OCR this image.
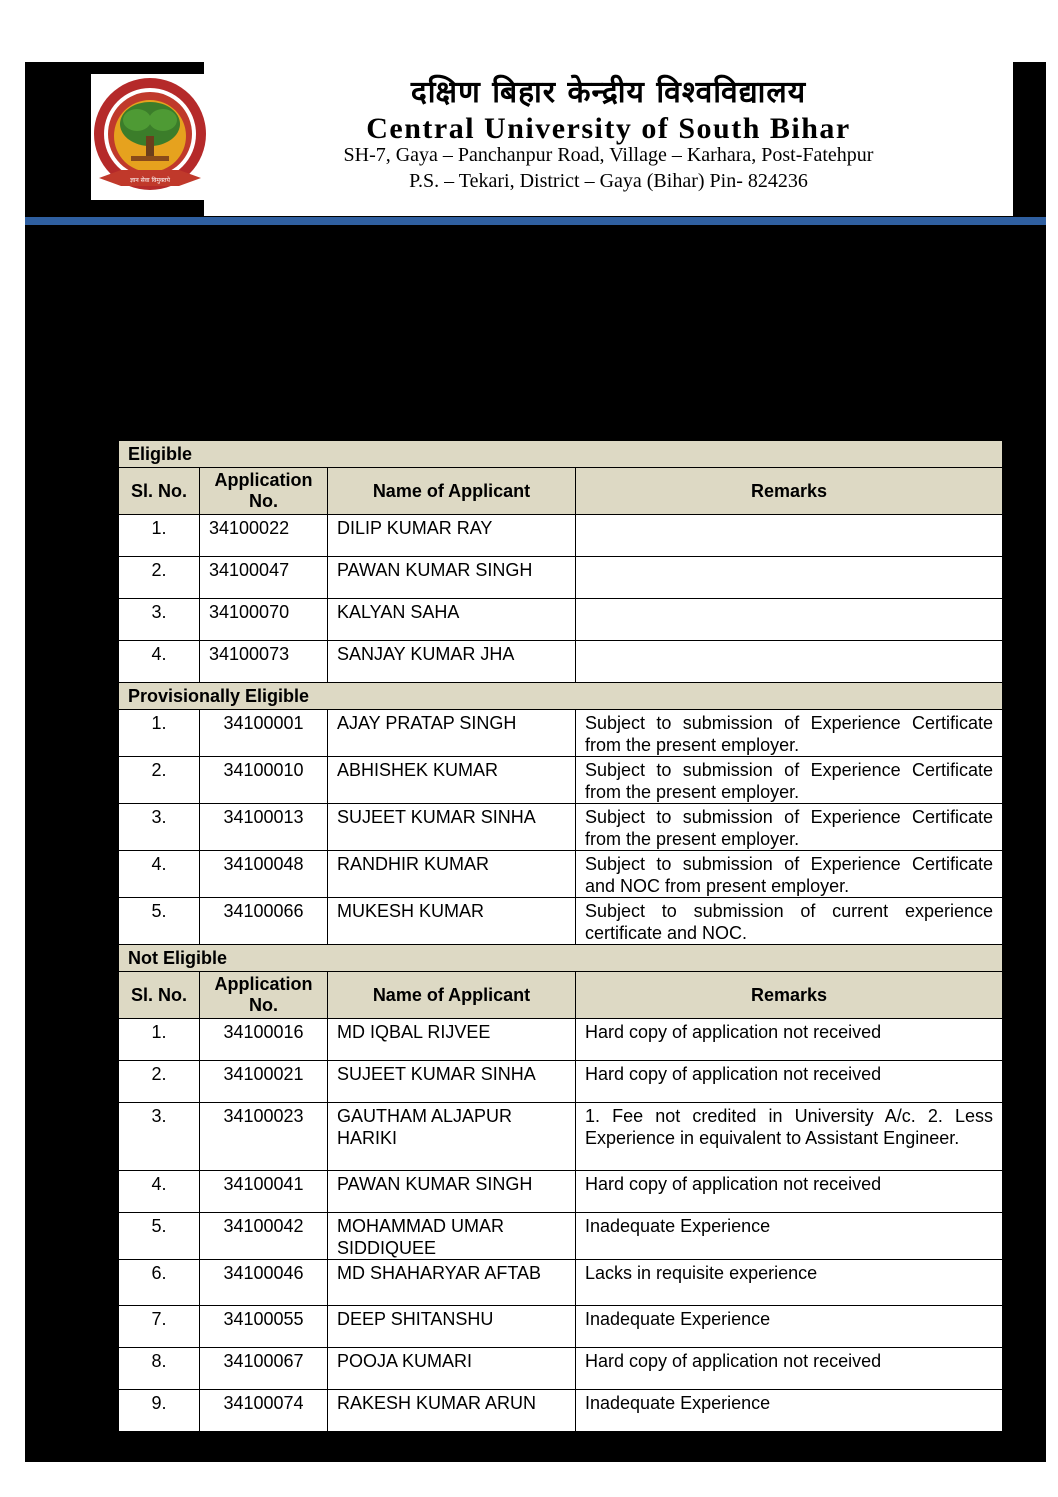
ज्ञान सेवा विमुक्तये
दक्षिण बिहार केन्द्रीय विश्वविद्यालय
Central University of South Bihar
SH-7, Gaya – Panchanpur Road, Village – Karhara, Post-Fatehpur
P.S. – Tekari, District – Gaya (Bihar) Pin- 824236
Eligible			
Sl. No.	Application No.	Name of Applicant	Remarks
1.	34100022	DILIP KUMAR RAY	
2.	34100047	PAWAN KUMAR SINGH	
3.	34100070	KALYAN SAHA	
4.	34100073	SANJAY KUMAR JHA	
Provisionally Eligible			
1.	34100001	AJAY PRATAP SINGH	Subject to submission of Experience Certificate from the present employer.
2.	34100010	ABHISHEK KUMAR	Subject to submission of Experience Certificate from the present employer.
3.	34100013	SUJEET KUMAR SINHA	Subject to submission of Experience Certificate from the present employer.
4.	34100048	RANDHIR KUMAR	Subject to submission of Experience Certificate and NOC from present employer.
5.	34100066	MUKESH KUMAR	Subject to submission of current experience certificate and NOC.
Not Eligible			
Sl. No.	Application No.	Name of Applicant	Remarks
1.	34100016	MD IQBAL RIJVEE	Hard copy of application not received
2.	34100021	SUJEET KUMAR SINHA	Hard copy of application not received
3.	34100023	GAUTHAM ALJAPUR HARIKI	1. Fee not credited in University A/c. 2. Less Experience in equivalent to Assistant Engineer.
4.	34100041	PAWAN KUMAR SINGH	Hard copy of application not received
5.	34100042	MOHAMMAD UMAR SIDDIQUEE	Inadequate Experience
6.	34100046	MD SHAHARYAR AFTAB	Lacks in requisite experience
7.	34100055	DEEP SHITANSHU	Inadequate Experience
8.	34100067	POOJA KUMARI	Hard copy of application not received
9.	34100074	RAKESH KUMAR ARUN	Inadequate Experience
